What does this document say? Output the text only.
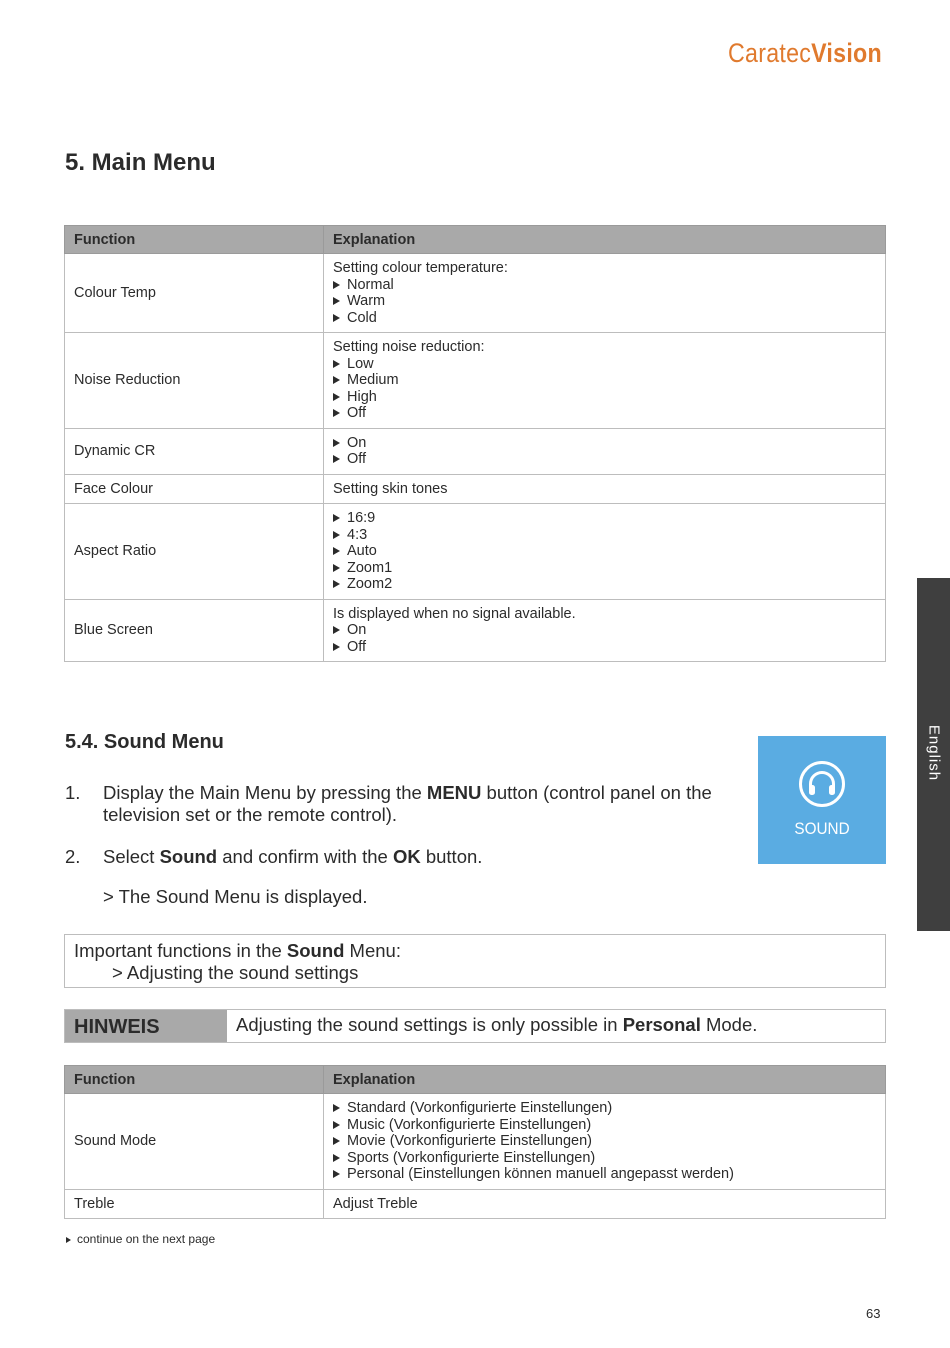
CaratecVision
5. Main Menu
Function	Explanation
Colour Temp	Setting colour temperature:
Normal
Warm
Cold

Noise Reduction	Setting noise reduction:
Low
Medium
High
Off

Dynamic CR	On
Off

Face Colour	Setting skin tones

Aspect Ratio	16:9
4:3
Auto
Zoom1
Zoom2

Blue Screen	Is displayed when no signal available.
On
Off
English
5.4. Sound Menu
1. Display the Main Menu by pressing the MENU button (control panel on the television set or the remote control).
2. Select Sound and confirm with the OK button.
> The Sound Menu is displayed.
SOUND
Important functions in the Sound Menu:
> Adjusting the sound settings
HINWEIS	Adjusting the sound settings is only possible in Personal Mode.
Function	Explanation
Sound Mode	Standard (Vorkonfigurierte Einstellungen)
Music (Vorkonfigurierte Einstellungen)
Movie (Vorkonfigurierte Einstellungen)
Sports (Vorkonfigurierte Einstellungen)
Personal (Einstellungen können manuell angepasst werden)

Treble	Adjust Treble
continue on the next page
63
